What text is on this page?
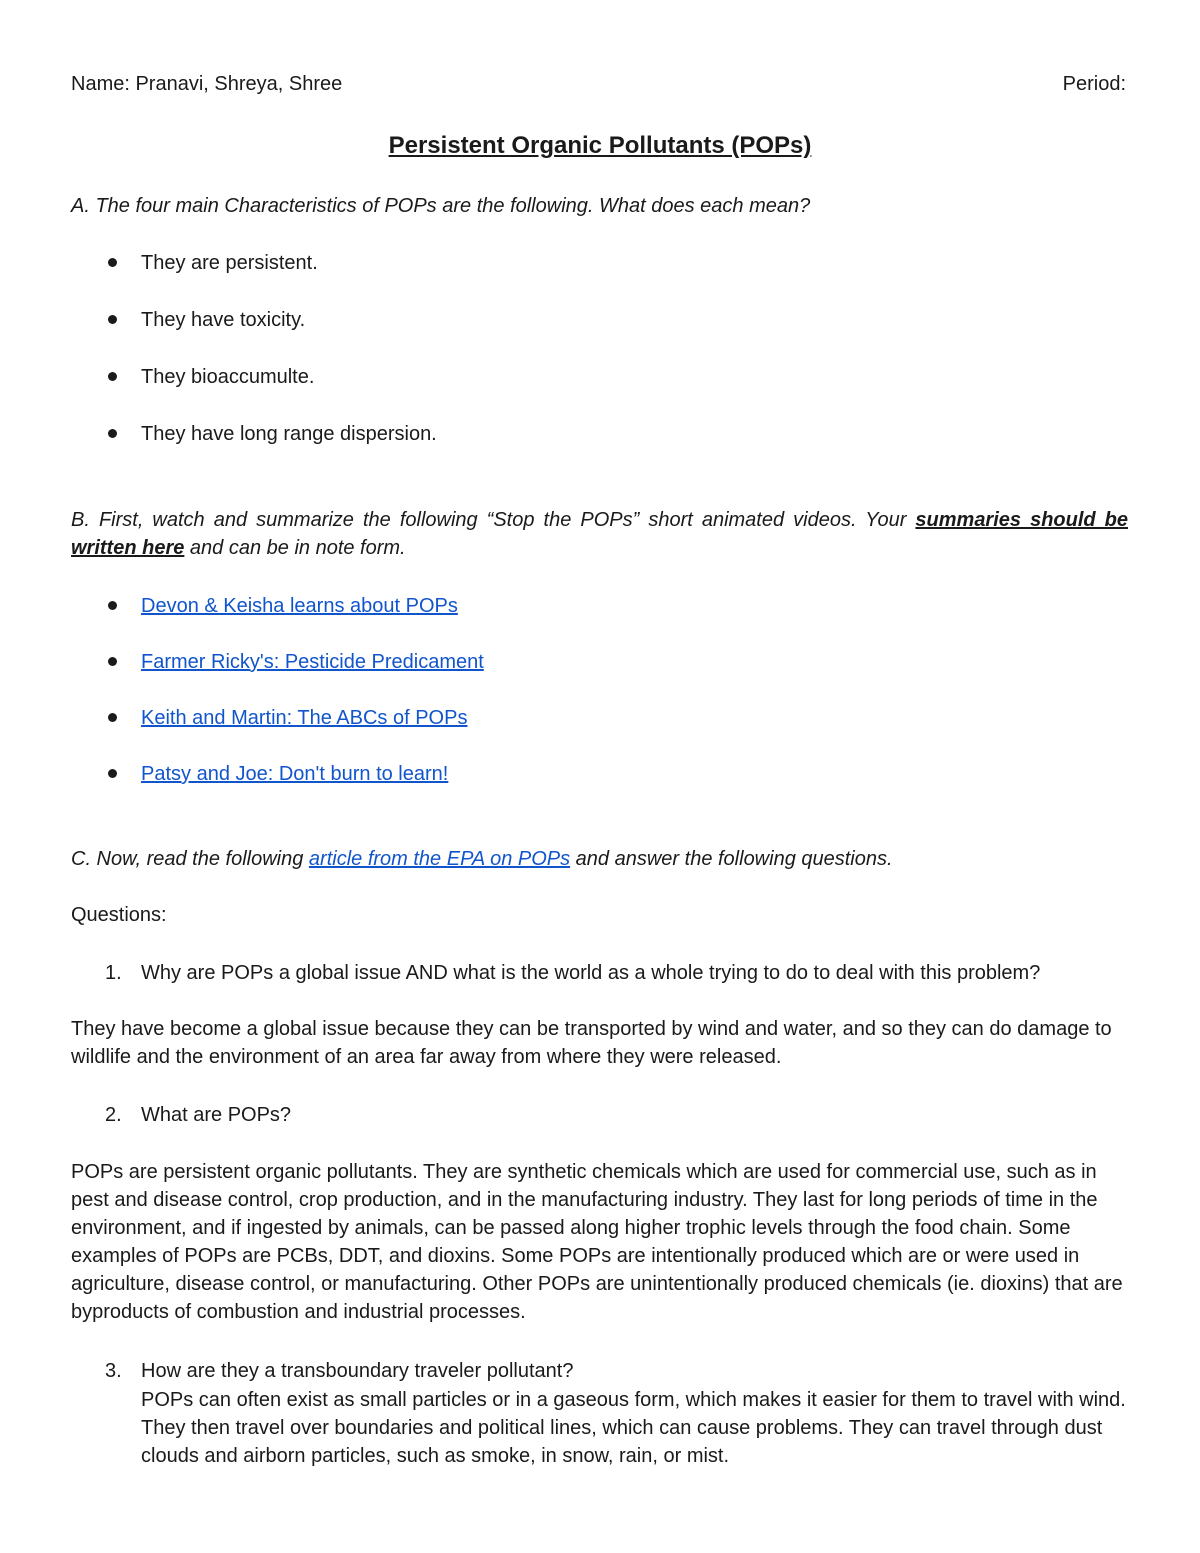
Name: Pranavi, Shreya, Shree	Period:
Persistent Organic Pollutants (POPs)
A. The four main Characteristics of POPs are the following. What does each mean?
They are persistent.
They have toxicity.
They bioaccumulte.
They have long range dispersion.
B. First, watch and summarize the following “Stop the POPs” short animated videos. Your summaries should be written here and can be in note form.
Devon & Keisha learns about POPs
Farmer Ricky's: Pesticide Predicament
Keith and Martin: The ABCs of POPs
Patsy and Joe: Don't burn to learn!
C. Now, read the following article from the EPA on POPs and answer the following questions.
Questions:
1. Why are POPs a global issue AND what is the world as a whole trying to do to deal with this problem?
They have become a global issue because they can be transported by wind and water, and so they can do damage to wildlife and the environment of an area far away from where they were released.
2. What are POPs?
POPs are persistent organic pollutants. They are synthetic chemicals which are used for commercial use, such as in pest and disease control, crop production, and in the manufacturing industry. They last for long periods of time in the environment, and if ingested by animals, can be passed along higher trophic levels through the food chain. Some examples of POPs are PCBs, DDT, and dioxins. Some POPs are intentionally produced which are or were used in agriculture, disease control, or manufacturing. Other POPs are unintentionally produced chemicals (ie. dioxins) that are byproducts of combustion and industrial processes.
3. How are they a transboundary traveler pollutant?
POPs can often exist as small particles or in a gaseous form, which makes it easier for them to travel with wind. They then travel over boundaries and political lines, which can cause problems. They can travel through dust clouds and airborn particles, such as smoke, in snow, rain, or mist.
